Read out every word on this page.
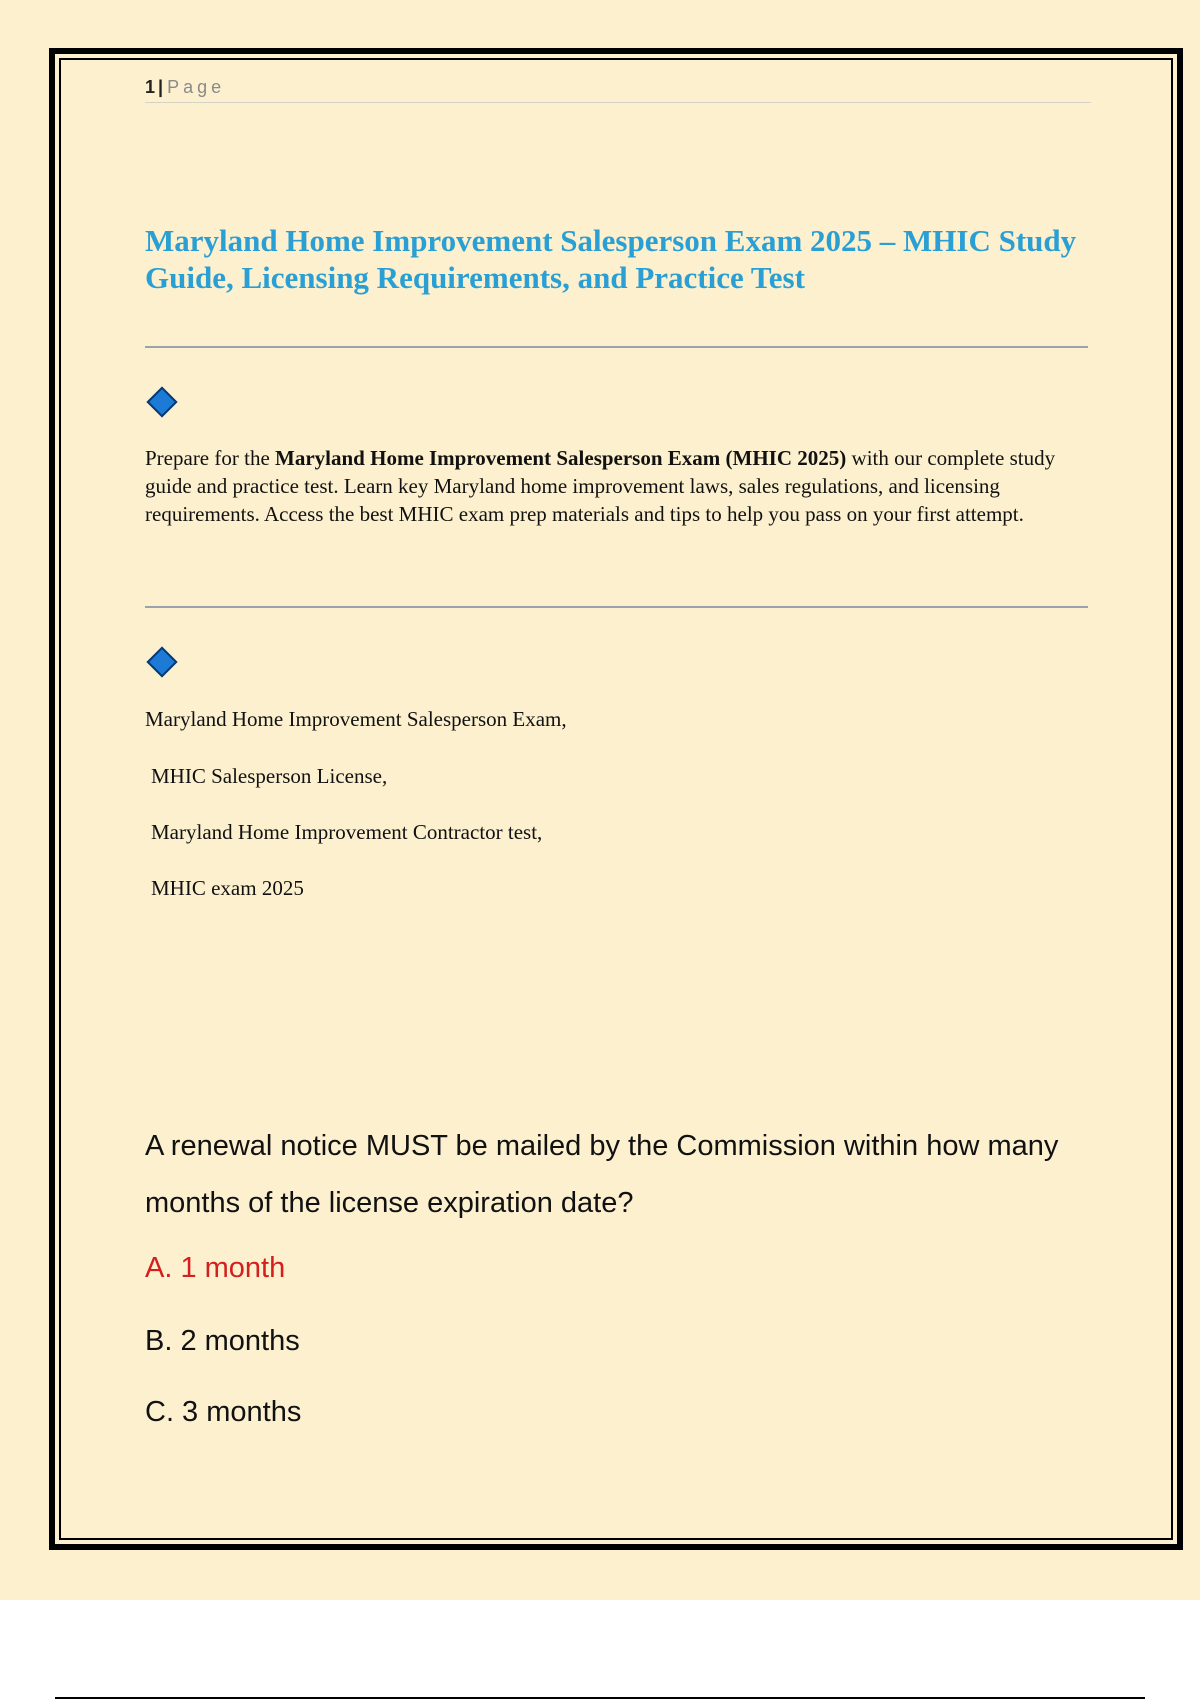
1 | Page
Maryland Home Improvement Salesperson Exam 2025 – MHIC Study Guide, Licensing Requirements, and Practice Test

Prepare for the Maryland Home Improvement Salesperson Exam (MHIC 2025) with our complete study guide and practice test. Learn key Maryland home improvement laws, sales regulations, and licensing requirements. Access the best MHIC exam prep materials and tips to help you pass on your first attempt.

Maryland Home Improvement Salesperson Exam,

MHIC Salesperson License,

Maryland Home Improvement Contractor test,

MHIC exam 2025

A renewal notice MUST be mailed by the Commission within how many months of the license expiration date?

A. 1 month

B. 2 months

C. 3 months
